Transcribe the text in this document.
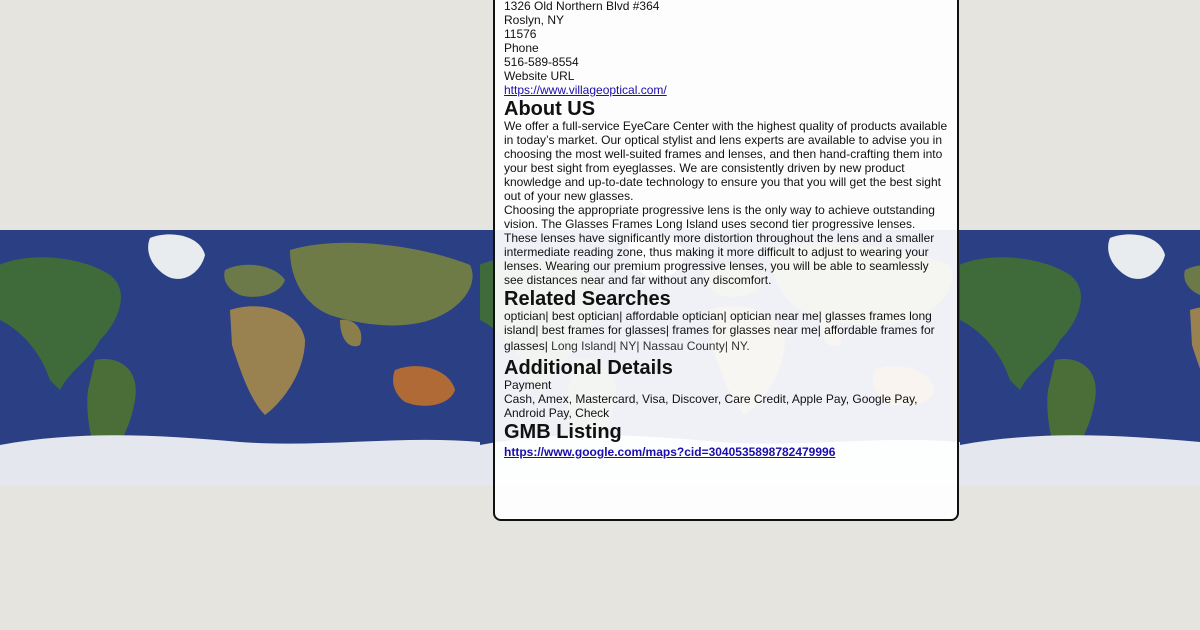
1326 Old Northern Blvd #364

Roslyn, NY

11576

Phone

516-589-8554

Website URL

https://www.villageoptical.com/

About US

We offer a full-service EyeCare Center with the highest quality of products available in today’s market. Our optical stylist and lens experts are available to advise you in choosing the most well-suited frames and lenses, and then hand-crafting them into your best sight from eyeglasses. We are consistently driven by new product knowledge and up-to-date technology to ensure you that you will get the best sight out of your new glasses.

Choosing the appropriate progressive lens is the only way to achieve outstanding vision. The Glasses Frames Long Island uses second tier progressive lenses. These lenses have significantly more distortion throughout the lens and a smaller intermediate reading zone, thus making it more difficult to adjust to wearing your lenses. Wearing our premium progressive lenses, you will be able to seamlessly see distances near and far without any discomfort.

Related Searches

optician| best optician| affordable optician| optician near me| glasses frames long island| best frames for glasses| frames for glasses near me| affordable frames for glasses| Long Island| NY| Nassau County| NY.

Additional Details

Payment

Cash, Amex, Mastercard, Visa, Discover, Care Credit, Apple Pay, Google Pay, Android Pay, Check

GMB Listing

https://www.google.com/maps?cid=3040535898782479996
